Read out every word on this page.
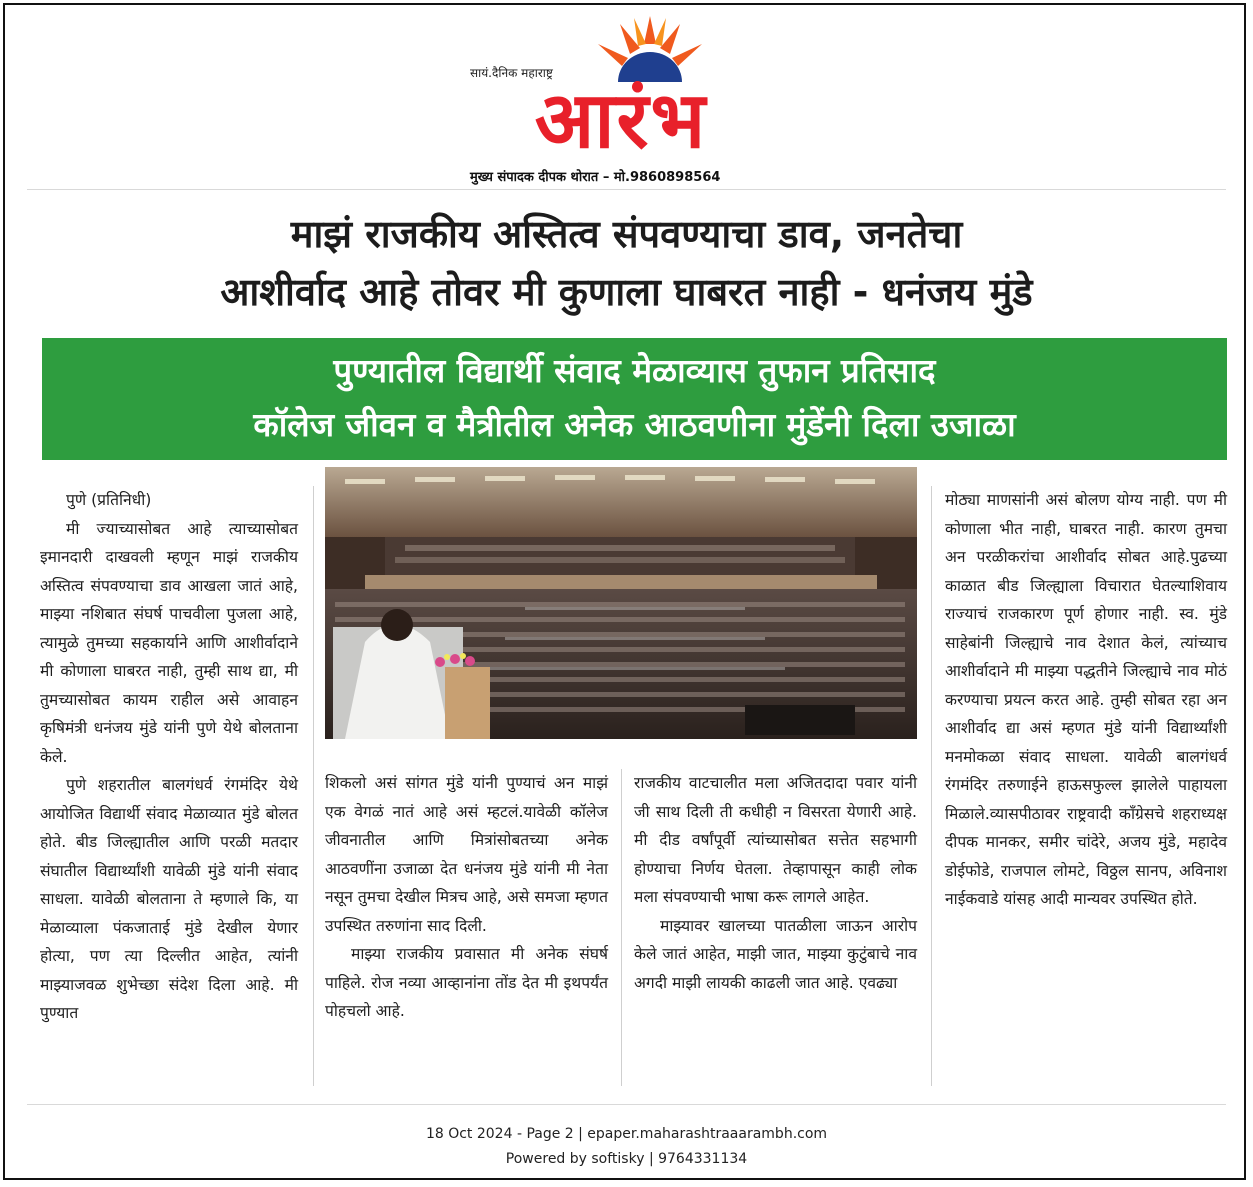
सायं.दैनिक महाराष्ट्र
आरंभ
मुख्य संपादक दीपक थोरात – मो.9860898564
माझं राजकीय अस्तित्व संपवण्याचा डाव, जनतेचा
आशीर्वाद आहे तोवर मी कुणाला घाबरत नाही - धनंजय मुंडे
पुण्यातील विद्यार्थी संवाद मेळाव्यास तुफान प्रतिसाद
कॉलेज जीवन व मैत्रीतील अनेक आठवणीना मुंडेंनी दिला उजाळा

पुणे (प्रतिनिधी)

मी ज्याच्यासोबत आहे त्याच्यासोबत इमानदारी दाखवली म्हणून माझं राजकीय अस्तित्व संपवण्याचा डाव आखला जातं आहे, माझ्या नशिबात संघर्ष पाचवीला पुजला आहे, त्यामुळे तुमच्या सहकार्याने आणि आशीर्वादाने मी कोणाला घाबरत नाही, तुम्ही साथ द्या, मी तुमच्यासोबत कायम राहील असे आवाहन कृषिमंत्री धनंजय मुंडे यांनी पुणे येथे बोलताना केले.

पुणे शहरातील बालगंधर्व रंगमंदिर येथे आयोजित विद्यार्थी संवाद मेळाव्यात मुंडे बोलत होते. बीड जिल्ह्यातील आणि परळी मतदार संघातील विद्यार्थ्यांशी यावेळी मुंडे यांनी संवाद साधला. यावेळी बोलताना ते म्हणाले कि, या मेळाव्याला पंकजाताई मुंडे देखील येणार होत्या, पण त्या दिल्लीत आहेत, त्यांनी माझ्याजवळ शुभेच्छा संदेश दिला आहे. मी पुण्यात

शिकलो असं सांगत मुंडे यांनी पुण्याचं अन माझं एक वेगळं नातं आहे असं म्हटलं.यावेळी कॉलेज जीवनातील आणि मित्रांसोबतच्या अनेक आठवणींना उजाळा देत धनंजय मुंडे यांनी मी नेता नसून तुमचा देखील मित्रच आहे, असे समजा म्हणत उपस्थित तरुणांना साद दिली.

माझ्या राजकीय प्रवासात मी अनेक संघर्ष पाहिले. रोज नव्या आव्हानांना तोंड देत मी इथपर्यंत पोहचलो आहे.

राजकीय वाटचालीत मला अजितदादा पवार यांनी जी साथ दिली ती कधीही न विसरता येणारी आहे. मी दीड वर्षांपूर्वी त्यांच्यासोबत सत्तेत सहभागी होण्याचा निर्णय घेतला. तेव्हापासून काही लोक मला संपवण्याची भाषा करू लागले आहेत.

माझ्यावर खालच्या पातळीला जाऊन आरोप केले जातं आहेत, माझी जात, माझ्या कुटुंबाचे नाव अगदी माझी लायकी काढली जात आहे. एवढ्या

मोठ्या माणसांनी असं बोलण योग्य नाही. पण मी कोणाला भीत नाही, घाबरत नाही. कारण तुमचा अन परळीकरांचा आशीर्वाद सोबत आहे.पुढच्या काळात बीड जिल्ह्याला विचारात घेतल्याशिवाय राज्याचं राजकारण पूर्ण होणार नाही. स्व. मुंडे साहेबांनी जिल्ह्याचे नाव देशात केलं, त्यांच्याच आशीर्वादाने मी माझ्या पद्धतीने जिल्ह्याचे नाव मोठं करण्याचा प्रयत्न करत आहे. तुम्ही सोबत रहा अन आशीर्वाद द्या असं म्हणत मुंडे यांनी विद्यार्थ्यांशी मनमोकळा संवाद साधला. यावेळी बालगंधर्व रंगमंदिर तरुणाईने हाऊसफुल्ल झालेले पाहायला मिळाले.व्यासपीठावर राष्ट्रवादी कॉंग्रेसचे शहराध्यक्ष दीपक मानकर, समीर चांदेरे, अजय मुंडे, महादेव डोईफोडे, राजपाल लोमटे, विठ्ठल सानप, अविनाश नाईकवाडे यांसह आदी मान्यवर उपस्थित होते.

18 Oct 2024 - Page 2 | epaper.maharashtraaarambh.com
Powered by softisky | 9764331134
